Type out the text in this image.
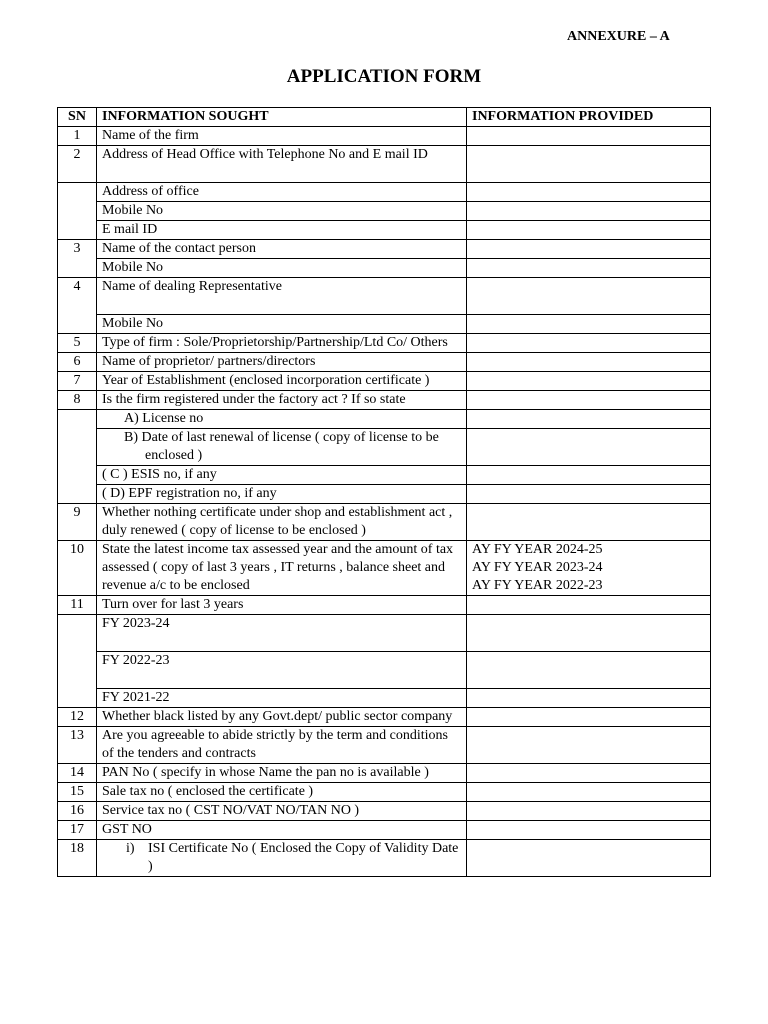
ANNEXURE – A
APPLICATION FORM
SN	INFORMATION SOUGHT	INFORMATION PROVIDED
1	Name of the firm	
2	Address of Head Office with Telephone No and E mail ID	
	Address of office	
	Mobile No	
	E mail ID	
3	Name of the contact person	
	Mobile No	
4	Name of dealing Representative	
	Mobile No	
5	Type of firm : Sole/Proprietorship/Partnership/Ltd Co/ Others	
6	Name of proprietor/ partners/directors	
7	Year of Establishment (enclosed incorporation certificate )	
8	Is the firm registered under the factory act ? If so state	
	A) License no	
	B) Date of last renewal of license ( copy of license to be enclosed )	
	( C ) ESIS no, if any	
	( D) EPF registration no, if any	
9	Whether nothing certificate under shop and establishment act , duly renewed ( copy of license to be enclosed )	
10	State the latest income tax assessed year and the amount of tax assessed ( copy of last 3 years , IT returns , balance sheet and revenue a/c to be enclosed	AY FY YEAR 2024-25
AY FY YEAR 2023-24
AY FY YEAR 2022-23

11	Turn over for last 3 years	
	FY 2023-24	
	FY 2022-23	
	FY 2021-22	
12	Whether black listed by any Govt.dept/ public sector company	
13	Are you agreeable to abide strictly by the term and conditions of the tenders and contracts	
14	PAN No ( specify in whose Name the pan no is available )	
15	Sale tax no ( enclosed the certificate )	
16	Service tax no ( CST NO/VAT NO/TAN NO )	
17	GST NO	
18	i) ISI Certificate No ( Enclosed the Copy of Validity Date )	
